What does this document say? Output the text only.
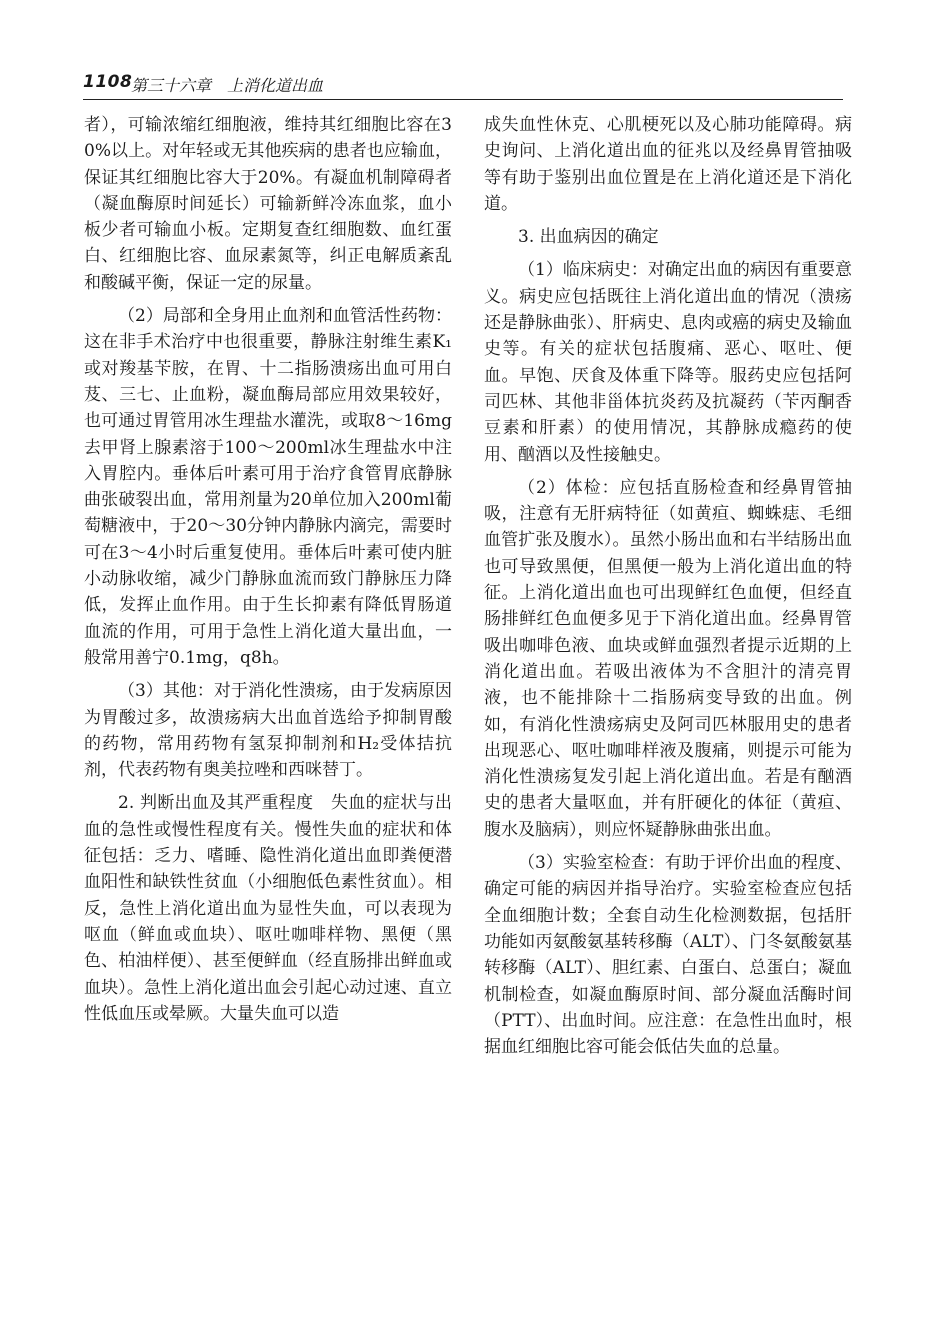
1108
第三十六章　上消化道出血

者），可输浓缩红细胞液，维持其红细胞比容在30%以上。对年轻或无其他疾病的患者也应输血，保证其红细胞比容大于20%。有凝血机制障碍者（凝血酶原时间延长）可输新鲜冷冻血浆，血小板少者可输血小板。定期复查红细胞数、血红蛋白、红细胞比容、血尿素氮等，纠正电解质紊乱和酸碱平衡，保证一定的尿量。

（2）局部和全身用止血剂和血管活性药物：这在非手术治疗中也很重要，静脉注射维生素K₁或对羧基苄胺，在胃、十二指肠溃疡出血可用白芨、三七、止血粉，凝血酶局部应用效果较好，也可通过胃管用冰生理盐水灌洗，或取8～16mg去甲肾上腺素溶于100～200ml冰生理盐水中注入胃腔内。垂体后叶素可用于治疗食管胃底静脉曲张破裂出血，常用剂量为20单位加入200ml葡萄糖液中，于20～30分钟内静脉内滴完，需要时可在3～4小时后重复使用。垂体后叶素可使内脏小动脉收缩，减少门静脉血流而致门静脉压力降低，发挥止血作用。由于生长抑素有降低胃肠道血流的作用，可用于急性上消化道大量出血，一般常用善宁0.1mg，q8h。

（3）其他：对于消化性溃疡，由于发病原因为胃酸过多，故溃疡病大出血首选给予抑制胃酸的药物，常用药物有氢泵抑制剂和H₂受体拮抗剂，代表药物有奥美拉唑和西咪替丁。

2. 判断出血及其严重程度　失血的症状与出血的急性或慢性程度有关。慢性失血的症状和体征包括：乏力、嗜睡、隐性消化道出血即粪便潜血阳性和缺铁性贫血（小细胞低色素性贫血）。相反，急性上消化道出血为显性失血，可以表现为呕血（鲜血或血块）、呕吐咖啡样物、黑便（黑色、柏油样便）、甚至便鲜血（经直肠排出鲜血或血块）。急性上消化道出血会引起心动过速、直立性低血压或晕厥。大量失血可以造

成失血性休克、心肌梗死以及心肺功能障碍。病史询问、上消化道出血的征兆以及经鼻胃管抽吸等有助于鉴别出血位置是在上消化道还是下消化道。

3. 出血病因的确定

（1）临床病史：对确定出血的病因有重要意义。病史应包括既往上消化道出血的情况（溃疡还是静脉曲张）、肝病史、息肉或癌的病史及输血史等。有关的症状包括腹痛、恶心、呕吐、便血。早饱、厌食及体重下降等。服药史应包括阿司匹林、其他非甾体抗炎药及抗凝药（苄丙酮香豆素和肝素）的使用情况，其静脉成瘾药的使用、酗酒以及性接触史。

（2）体检：应包括直肠检查和经鼻胃管抽吸，注意有无肝病特征（如黄疸、蜘蛛痣、毛细血管扩张及腹水）。虽然小肠出血和右半结肠出血也可导致黑便，但黑便一般为上消化道出血的特征。上消化道出血也可出现鲜红色血便，但经直肠排鲜红色血便多见于下消化道出血。经鼻胃管吸出咖啡色液、血块或鲜血强烈者提示近期的上消化道出血。若吸出液体为不含胆汁的清亮胃液，也不能排除十二指肠病变导致的出血。例如，有消化性溃疡病史及阿司匹林服用史的患者出现恶心、呕吐咖啡样液及腹痛，则提示可能为消化性溃疡复发引起上消化道出血。若是有酗酒史的患者大量呕血，并有肝硬化的体征（黄疸、腹水及脑病），则应怀疑静脉曲张出血。

（3）实验室检查：有助于评价出血的程度、确定可能的病因并指导治疗。实验室检查应包括全血细胞计数；全套自动生化检测数据，包括肝功能如丙氨酸氨基转移酶（ALT）、门冬氨酸氨基转移酶（ALT）、胆红素、白蛋白、总蛋白；凝血机制检查，如凝血酶原时间、部分凝血活酶时间（PTT）、出血时间。应注意：在急性出血时，根据血红细胞比容可能会低估失血的总量。
